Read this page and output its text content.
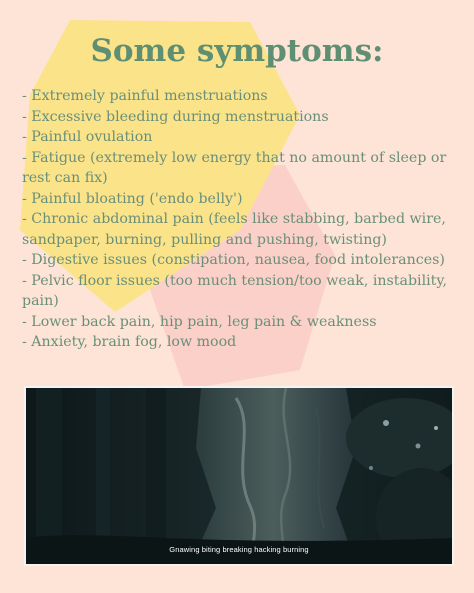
Some symptoms:
- Extremely painful menstruations
- Excessive bleeding during menstruations
- Painful ovulation
- Fatigue (extremely low energy that no amount of sleep or rest can fix)
- Painful bloating ('endo belly')
- Chronic abdominal pain (feels like stabbing, barbed wire, sandpaper, burning, pulling and pushing, twisting)
- Digestive issues (constipation, nausea, food intolerances)
- Pelvic floor issues (too much tension/too weak, instability, pain)
- Lower back pain, hip pain, leg pain & weakness
- Anxiety, brain fog, low mood
Gnawing biting breaking hacking burning
